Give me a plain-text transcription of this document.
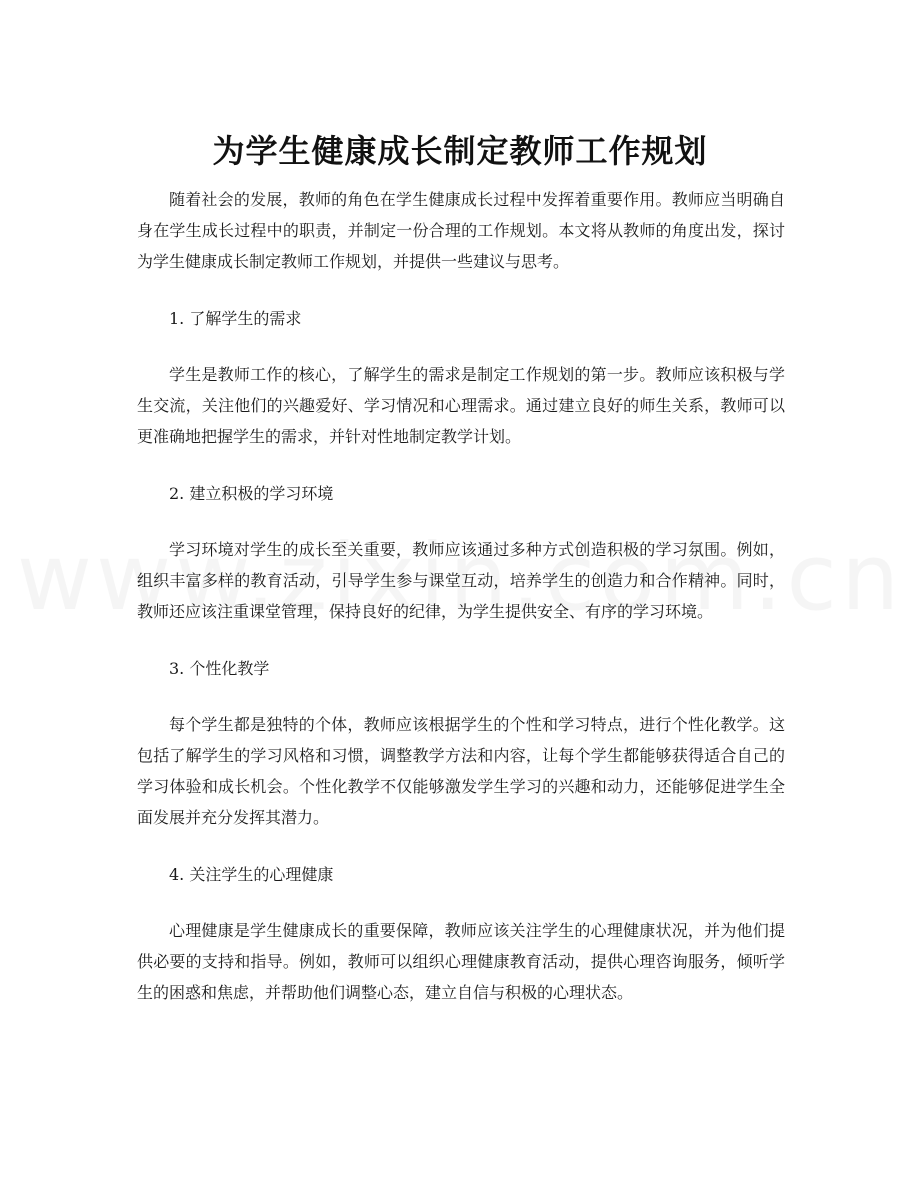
为学生健康成长制定教师工作规划

随着社会的发展，教师的角色在学生健康成长过程中发挥着重要作用。教师应当明确自身在学生成长过程中的职责，并制定一份合理的工作规划。本文将从教师的角度出发，探讨为学生健康成长制定教师工作规划，并提供一些建议与思考。

1. 了解学生的需求

学生是教师工作的核心，了解学生的需求是制定工作规划的第一步。教师应该积极与学生交流，关注他们的兴趣爱好、学习情况和心理需求。通过建立良好的师生关系，教师可以更准确地把握学生的需求，并针对性地制定教学计划。

2. 建立积极的学习环境

学习环境对学生的成长至关重要，教师应该通过多种方式创造积极的学习氛围。例如，组织丰富多样的教育活动，引导学生参与课堂互动，培养学生的创造力和合作精神。同时，教师还应该注重课堂管理，保持良好的纪律，为学生提供安全、有序的学习环境。

3. 个性化教学

每个学生都是独特的个体，教师应该根据学生的个性和学习特点，进行个性化教学。这包括了解学生的学习风格和习惯，调整教学方法和内容，让每个学生都能够获得适合自己的学习体验和成长机会。个性化教学不仅能够激发学生学习的兴趣和动力，还能够促进学生全面发展并充分发挥其潜力。

4. 关注学生的心理健康

心理健康是学生健康成长的重要保障，教师应该关注学生的心理健康状况，并为他们提供必要的支持和指导。例如，教师可以组织心理健康教育活动，提供心理咨询服务，倾听学生的困惑和焦虑，并帮助他们调整心态，建立自信与积极的心理状态。
